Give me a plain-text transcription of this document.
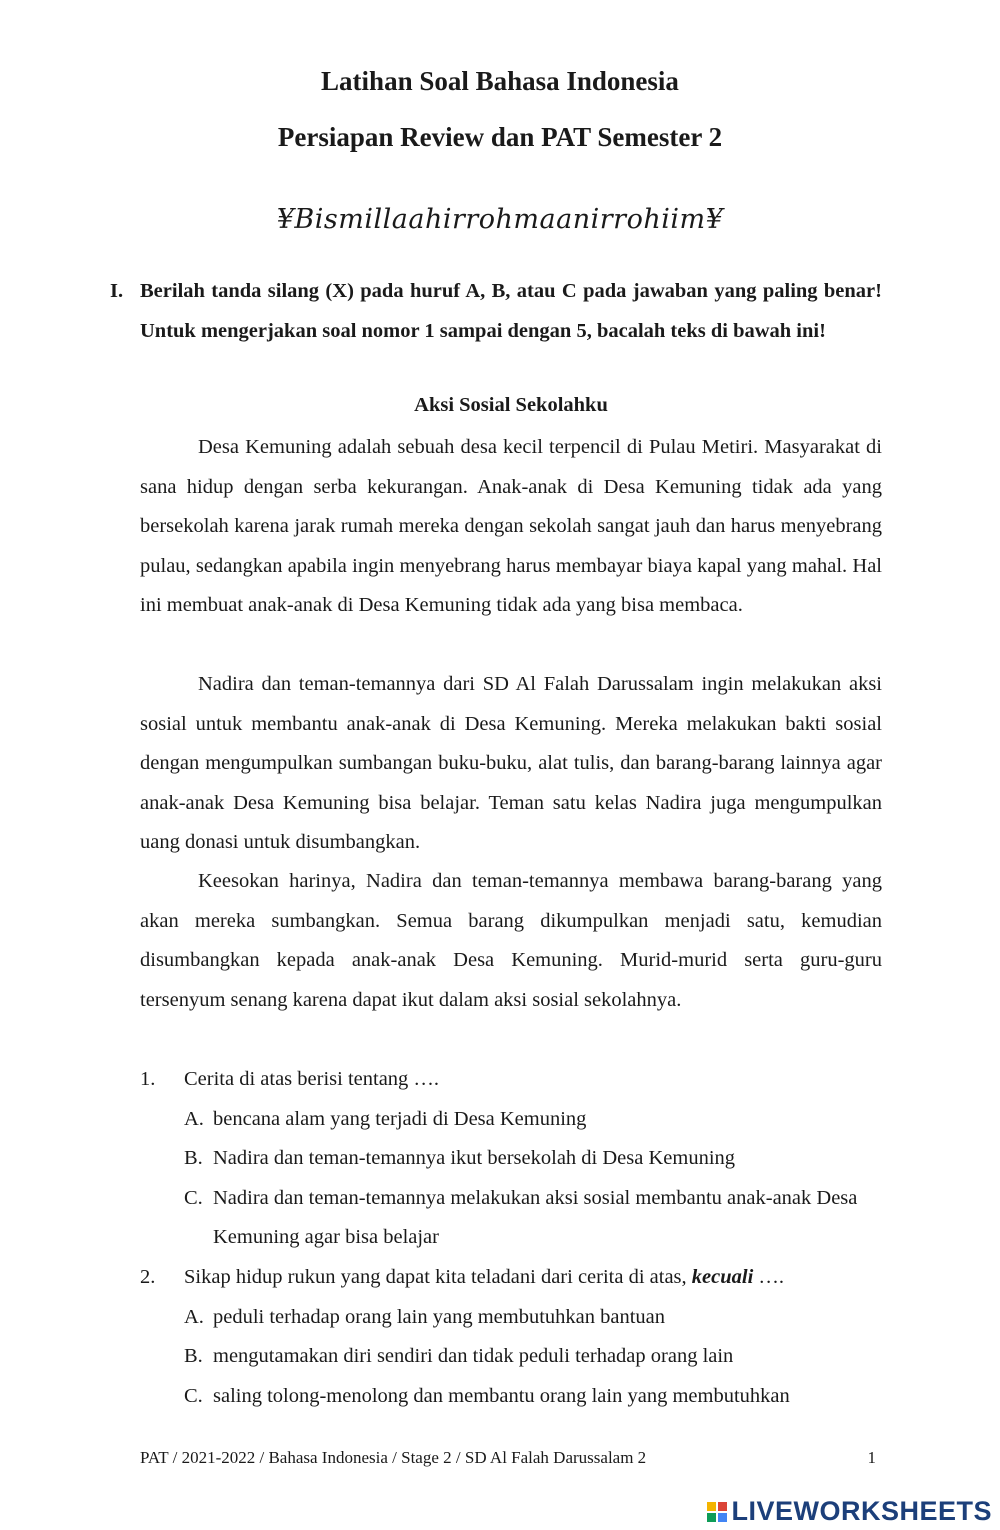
Latihan Soal Bahasa Indonesia
Persiapan Review dan PAT Semester 2
¥Bismillaahirrohmaanirrohiim¥
I. Berilah tanda silang (X) pada huruf A, B, atau C pada jawaban yang paling benar! Untuk mengerjakan soal nomor 1 sampai dengan 5, bacalah teks di bawah ini!
Aksi Sosial Sekolahku

Desa Kemuning adalah sebuah desa kecil terpencil di Pulau Metiri. Masyarakat di sana hidup dengan serba kekurangan. Anak-anak di Desa Kemuning tidak ada yang bersekolah karena jarak rumah mereka dengan sekolah sangat jauh dan harus menyebrang pulau, sedangkan apabila ingin menyebrang harus membayar biaya kapal yang mahal. Hal ini membuat anak-anak di Desa Kemuning tidak ada yang bisa membaca.

Nadira dan teman-temannya dari SD Al Falah Darussalam ingin melakukan aksi sosial untuk membantu anak-anak di Desa Kemuning. Mereka melakukan bakti sosial dengan mengumpulkan sumbangan buku-buku, alat tulis, dan barang-barang lainnya agar anak-anak Desa Kemuning bisa belajar. Teman satu kelas Nadira juga mengumpulkan uang donasi untuk disumbangkan.

Keesokan harinya, Nadira dan teman-temannya membawa barang-barang yang akan mereka sumbangkan. Semua barang dikumpulkan menjadi satu, kemudian disumbangkan kepada anak-anak Desa Kemuning. Murid-murid serta guru-guru tersenyum senang karena dapat ikut dalam aksi sosial sekolahnya.

1. Cerita di atas berisi tentang ….
A. bencana alam yang terjadi di Desa Kemuning
B. Nadira dan teman-temannya ikut bersekolah di Desa Kemuning
C. Nadira dan teman-temannya melakukan aksi sosial membantu anak-anak Desa Kemuning agar bisa belajar
2. Sikap hidup rukun yang dapat kita teladani dari cerita di atas, kecuali ….
A. peduli terhadap orang lain yang membutuhkan bantuan
B. mengutamakan diri sendiri dan tidak peduli terhadap orang lain
C. saling tolong-menolong dan membantu orang lain yang membutuhkan
PAT / 2021-2022 / Bahasa Indonesia / Stage 2 / SD Al Falah Darussalam 2	1
LIVEWORKSHEETS
